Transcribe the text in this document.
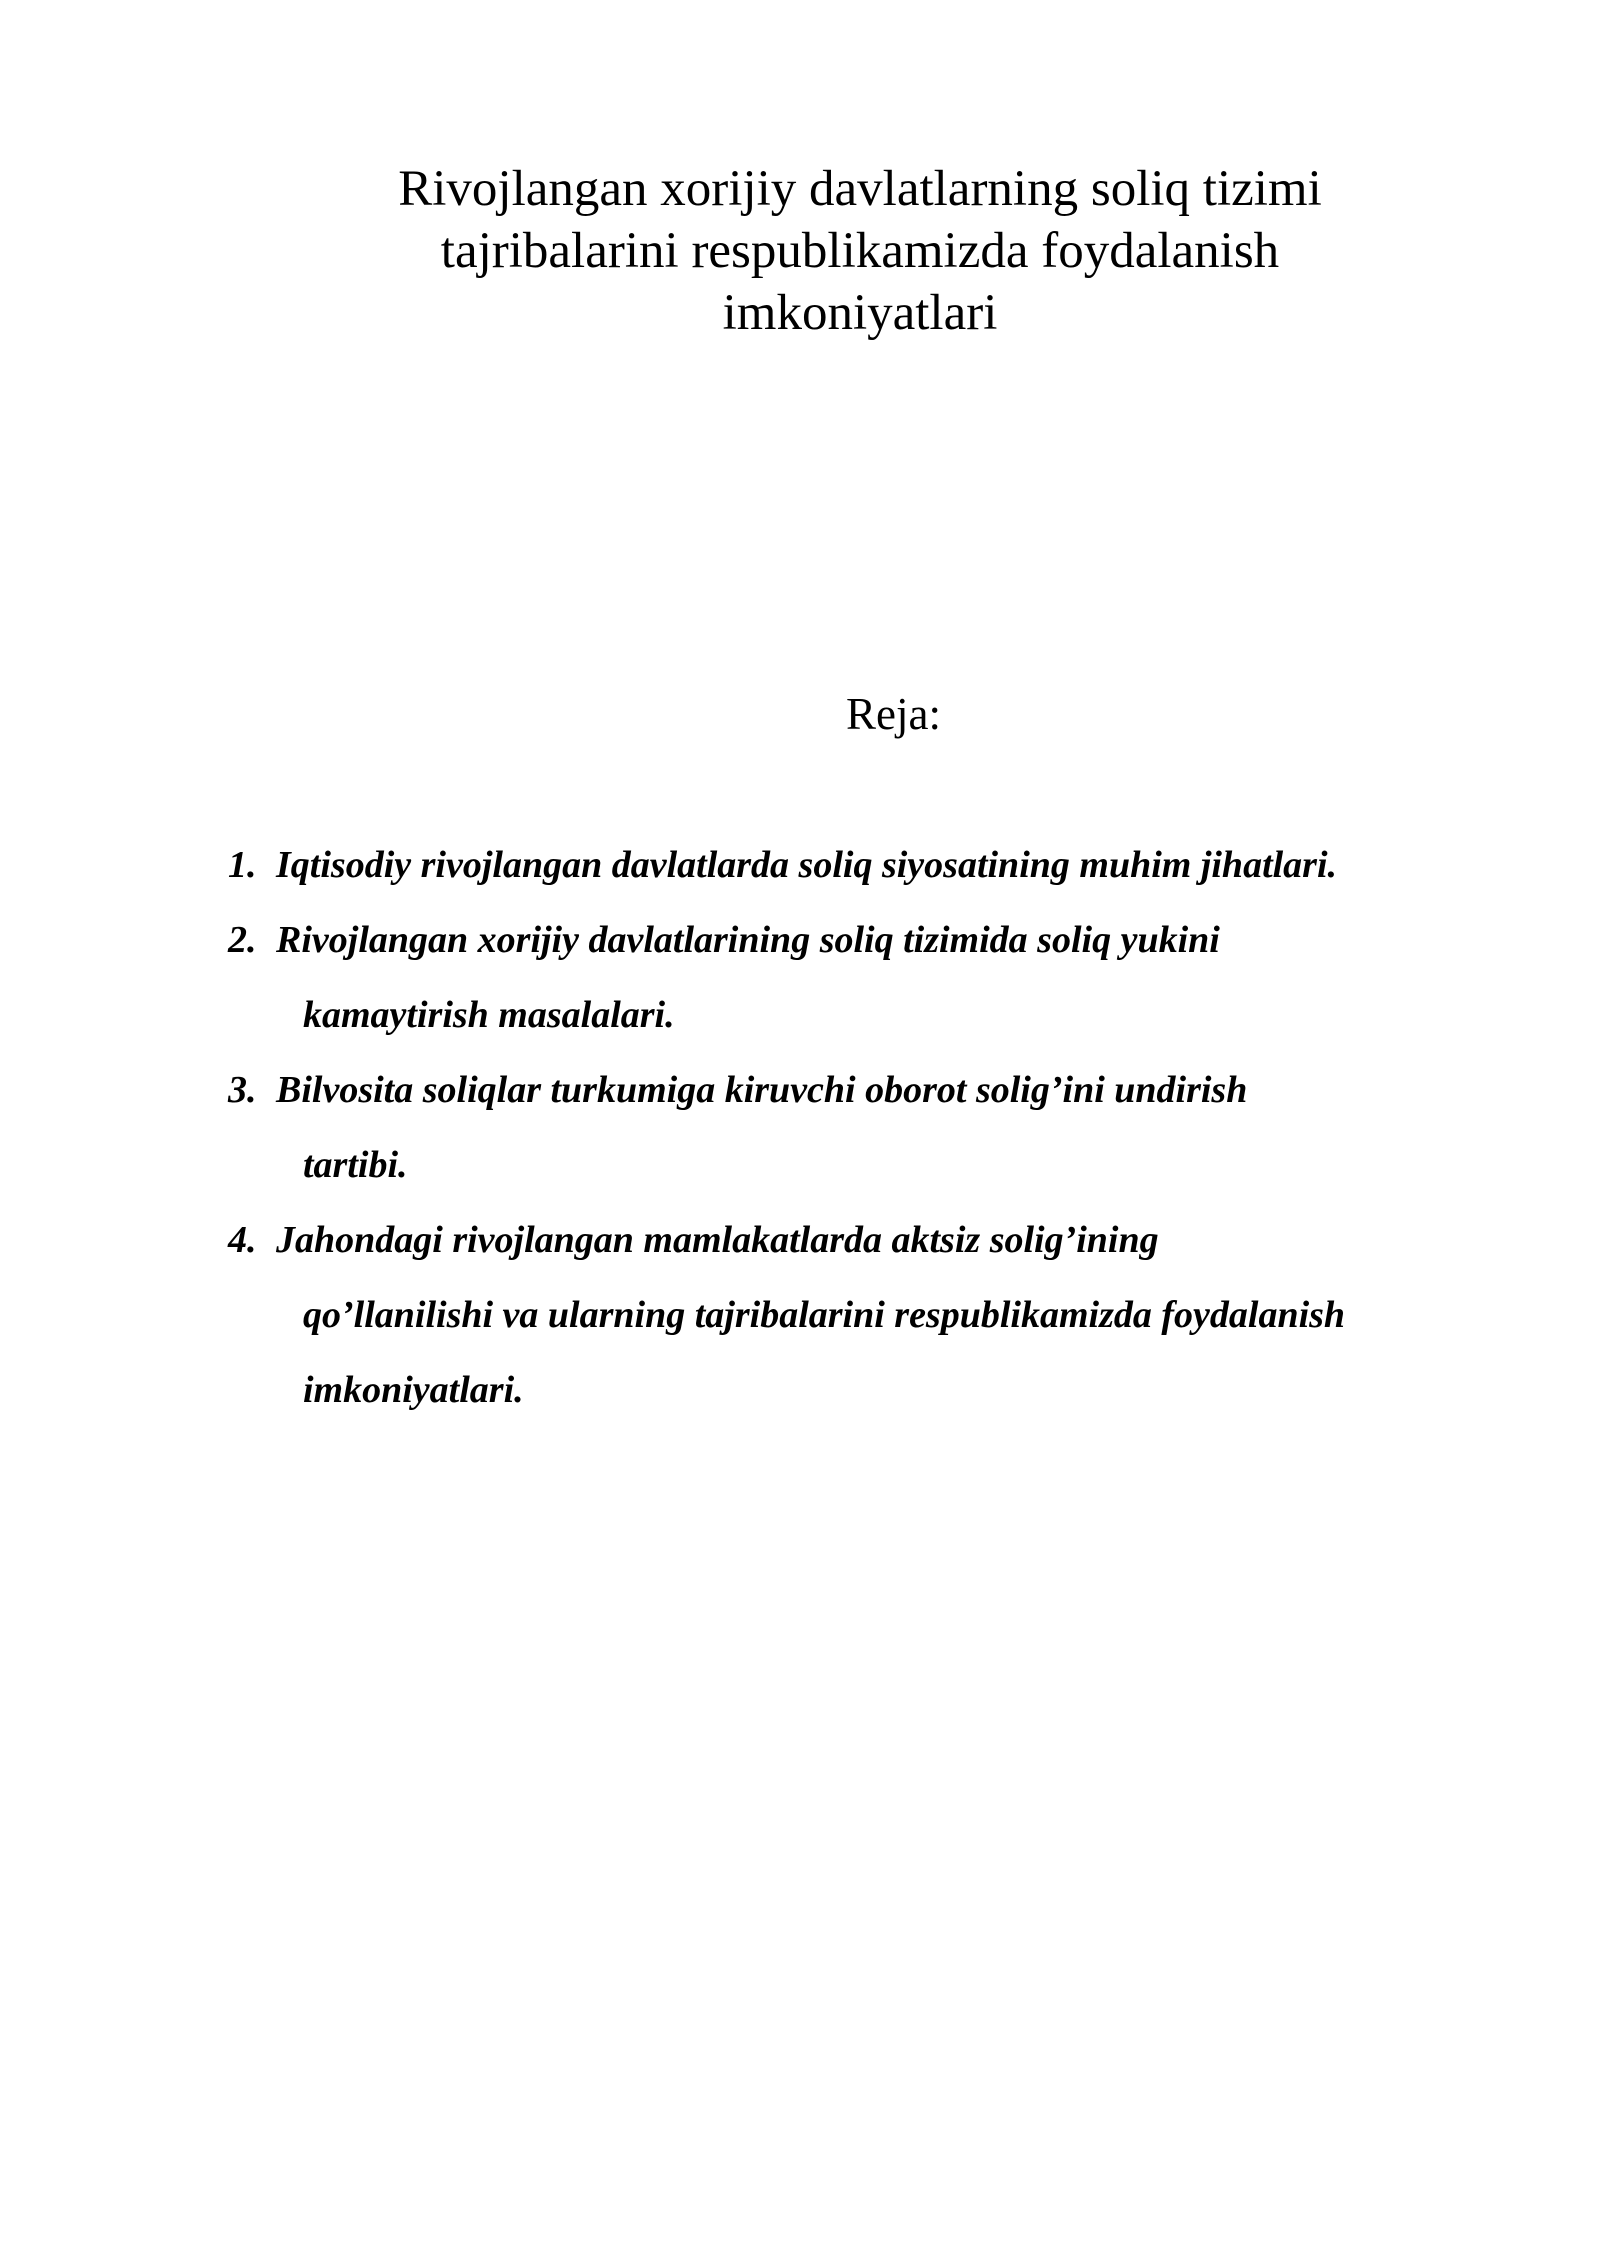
Rivojlangan xorijiy davlatlarning soliq tizimi
tajribalarini respublikamizda foydalanish
imkoniyatlari
Reja:
1. Iqtisodiy rivojlangan davlatlarda soliq siyosatining muhim jihatlari.
2. Rivojlangan xorijiy davlatlarining soliq tizimida soliq yukini
kamaytirish masalalari.
3. Bilvosita soliqlar turkumiga kiruvchi oborot solig’ini undirish
tartibi.
4. Jahondagi rivojlangan mamlakatlarda aktsiz solig’ining
qo’llanilishi va ularning tajribalarini respublikamizda foydalanish
imkoniyatlari.
